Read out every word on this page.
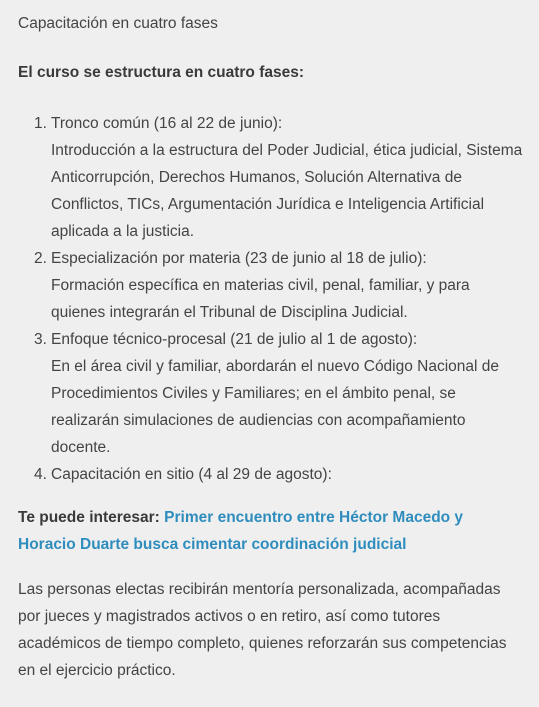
Capacitación en cuatro fases

El curso se estructura en cuatro fases:

1. Tronco común (16 al 22 de junio):
Introducción a la estructura del Poder Judicial, ética judicial, Sistema Anticorrupción, Derechos Humanos, Solución Alternativa de Conflictos, TICs, Argumentación Jurídica e Inteligencia Artificial aplicada a la justicia.
2. Especialización por materia (23 de junio al 18 de julio):
Formación específica en materias civil, penal, familiar, y para quienes integrarán el Tribunal de Disciplina Judicial.
3. Enfoque técnico-procesal (21 de julio al 1 de agosto):
En el área civil y familiar, abordarán el nuevo Código Nacional de Procedimientos Civiles y Familiares; en el ámbito penal, se realizarán simulaciones de audiencias con acompañamiento docente.
4. Capacitación en sitio (4 al 29 de agosto):

Te puede interesar: Primer encuentro entre Héctor Macedo y Horacio Duarte busca cimentar coordinación judicial

Las personas electas recibirán mentoría personalizada, acompañadas por jueces y magistrados activos o en retiro, así como tutores académicos de tiempo completo, quienes reforzarán sus competencias en el ejercicio práctico.
